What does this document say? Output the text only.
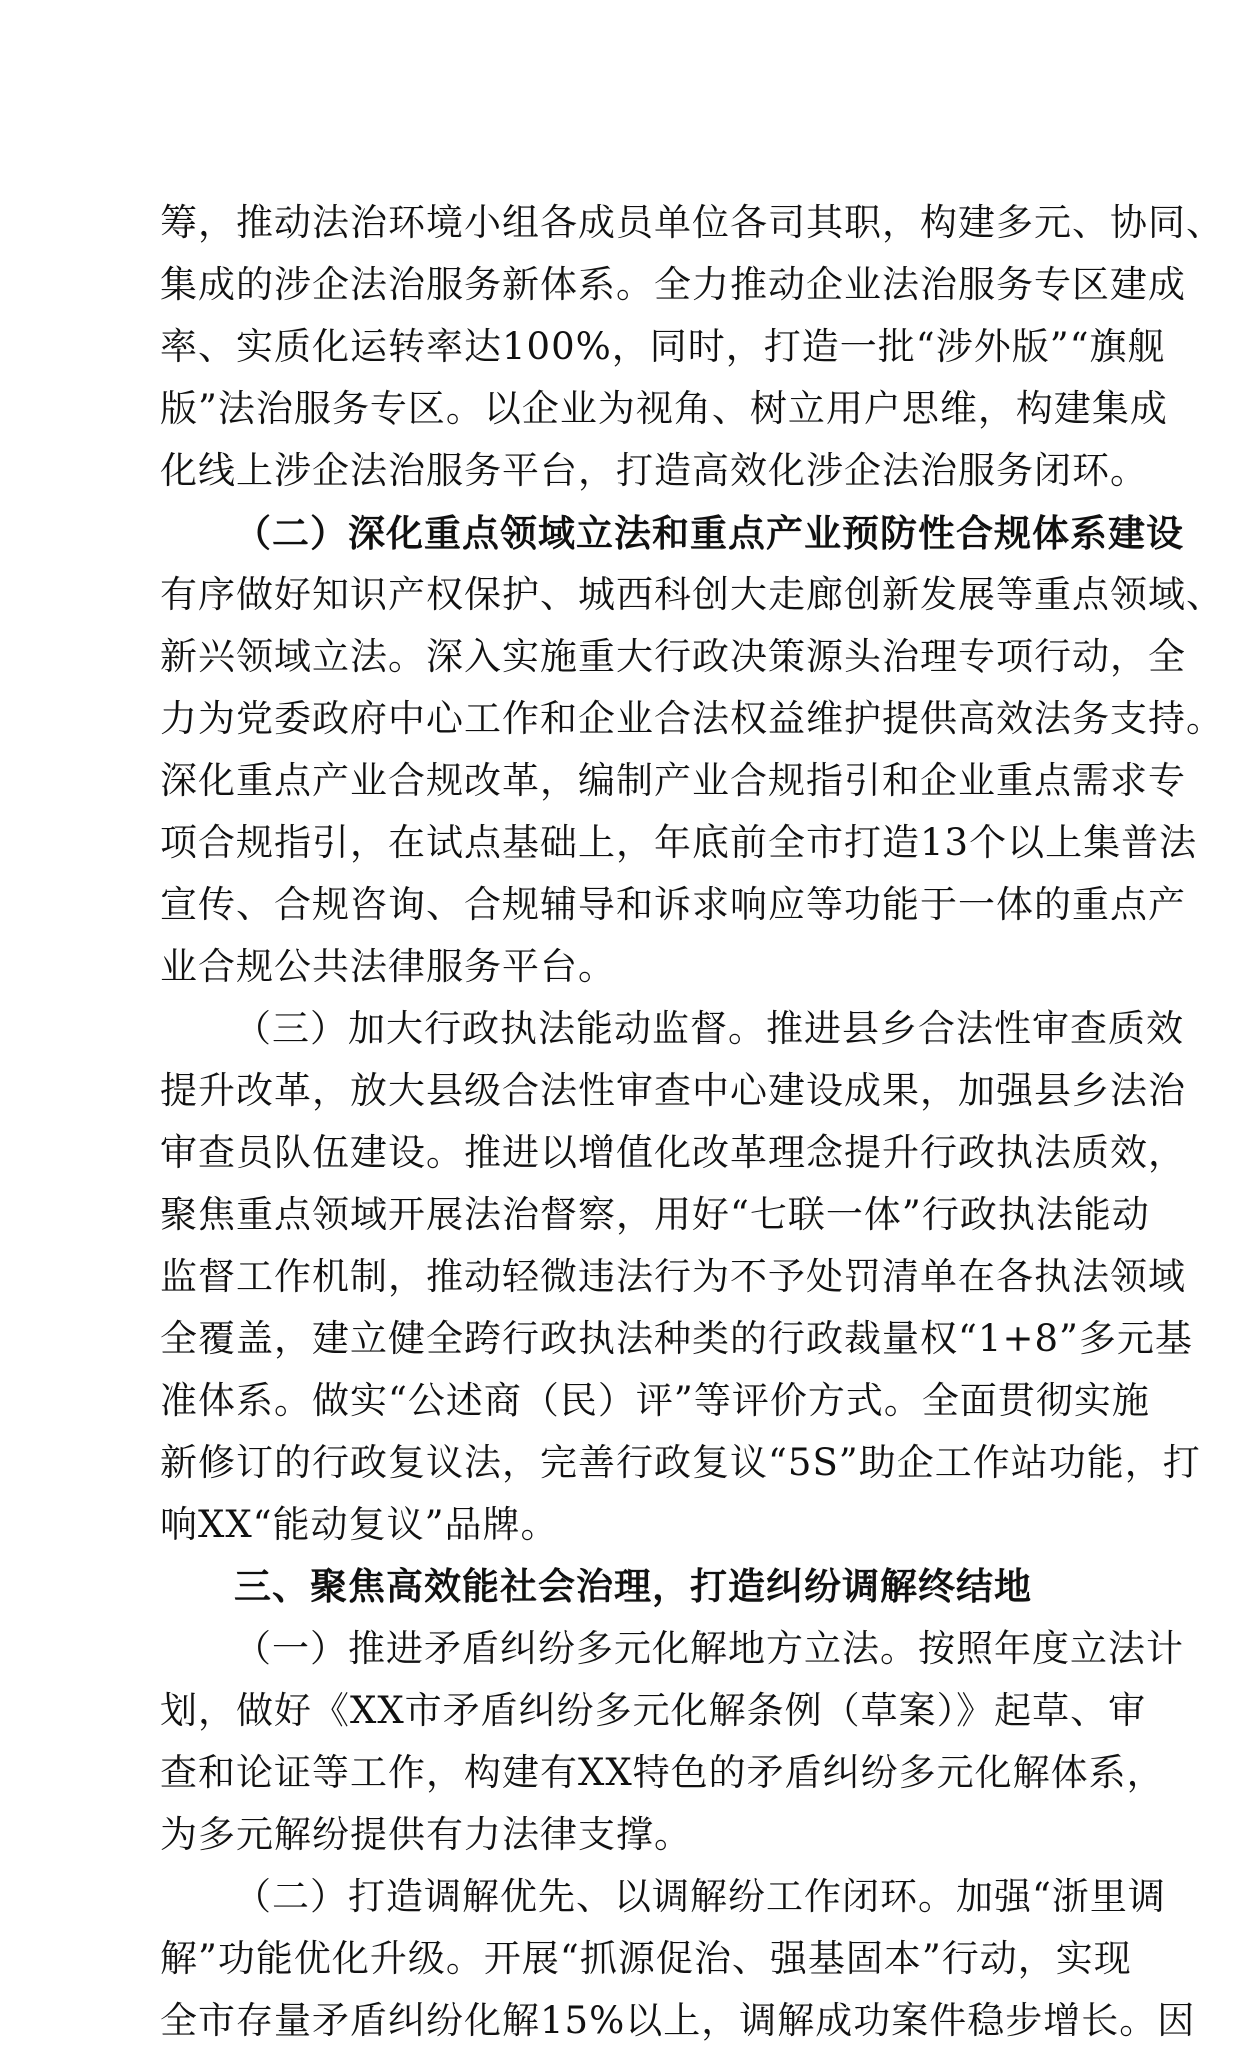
筹，推动法治环境小组各成员单位各司其职，构建多元、协同、
集成的涉企法治服务新体系。全力推动企业法治服务专区建成
率、实质化运转率达100%，同时，打造一批“涉外版”“旗舰
版”法治服务专区。以企业为视角、树立用户思维，构建集成
化线上涉企法治服务平台，打造高效化涉企法治服务闭环。
（二）深化重点领域立法和重点产业预防性合规体系建设
有序做好知识产权保护、城西科创大走廊创新发展等重点领域、
新兴领域立法。深入实施重大行政决策源头治理专项行动，全
力为党委政府中心工作和企业合法权益维护提供高效法务支持。
深化重点产业合规改革，编制产业合规指引和企业重点需求专
项合规指引，在试点基础上，年底前全市打造13个以上集普法
宣传、合规咨询、合规辅导和诉求响应等功能于一体的重点产
业合规公共法律服务平台。
（三）加大行政执法能动监督。推进县乡合法性审查质效
提升改革，放大县级合法性审查中心建设成果，加强县乡法治
审查员队伍建设。推进以增值化改革理念提升行政执法质效，
聚焦重点领域开展法治督察，用好“七联一体”行政执法能动
监督工作机制，推动轻微违法行为不予处罚清单在各执法领域
全覆盖，建立健全跨行政执法种类的行政裁量权“1+8”多元基
准体系。做实“公述商（民）评”等评价方式。全面贯彻实施
新修订的行政复议法，完善行政复议“5S”助企工作站功能，打
响XX“能动复议”品牌。
三、聚焦高效能社会治理，打造纠纷调解终结地
（一）推进矛盾纠纷多元化解地方立法。按照年度立法计
划，做好《XX市矛盾纠纷多元化解条例（草案）》起草、审
查和论证等工作，构建有XX特色的矛盾纠纷多元化解体系，
为多元解纷提供有力法律支撑。
（二）打造调解优先、以调解纷工作闭环。加强“浙里调
解”功能优化升级。开展“抓源促治、强基固本”行动，实现
全市存量矛盾纠纷化解15%以上，调解成功案件稳步增长。因
